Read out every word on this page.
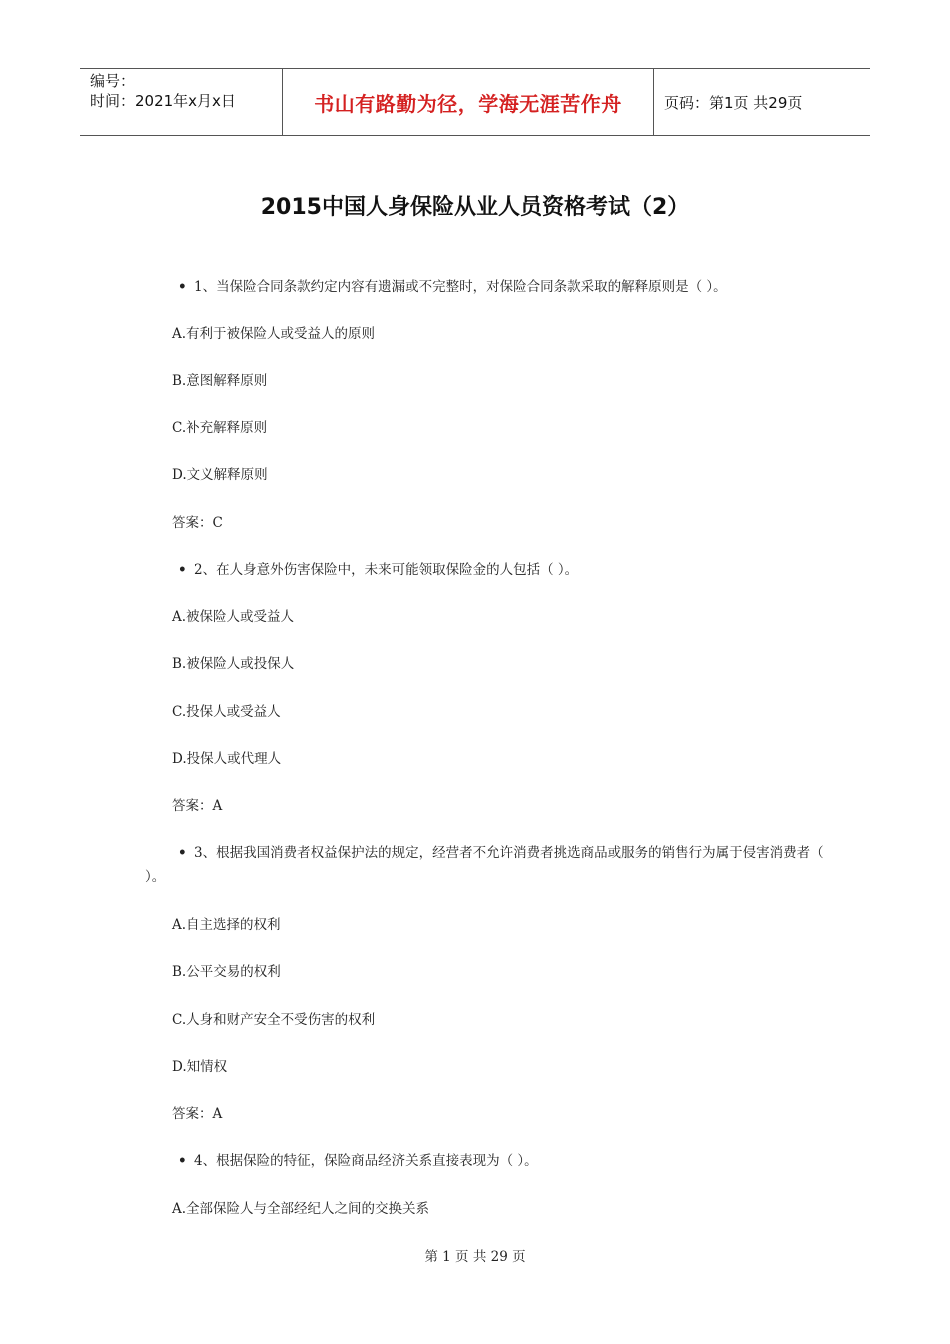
编号：
时间：2021年x月x日	书山有路勤为径，学海无涯苦作舟	页码：第1页 共29页
2015中国人身保险从业人员资格考试（2）
• 1、当保险合同条款约定内容有遗漏或不完整时，对保险合同条款采取的解释原则是（ ）。
A.有利于被保险人或受益人的原则
B.意图解释原则
C.补充解释原则
D.文义解释原则
答案：C
• 2、在人身意外伤害保险中，未来可能领取保险金的人包括（ ）。
A.被保险人或受益人
B.被保险人或投保人
C.投保人或受益人
D.投保人或代理人
答案：A
• 3、根据我国消费者权益保护法的规定，经营者不允许消费者挑选商品或服务的销售行为属于侵害消费者（ ）。
A.自主选择的权利
B.公平交易的权利
C.人身和财产安全不受伤害的权利
D.知情权
答案：A
• 4、根据保险的特征，保险商品经济关系直接表现为（ ）。
A.全部保险人与全部经纪人之间的交换关系
第 1 页 共 29 页
